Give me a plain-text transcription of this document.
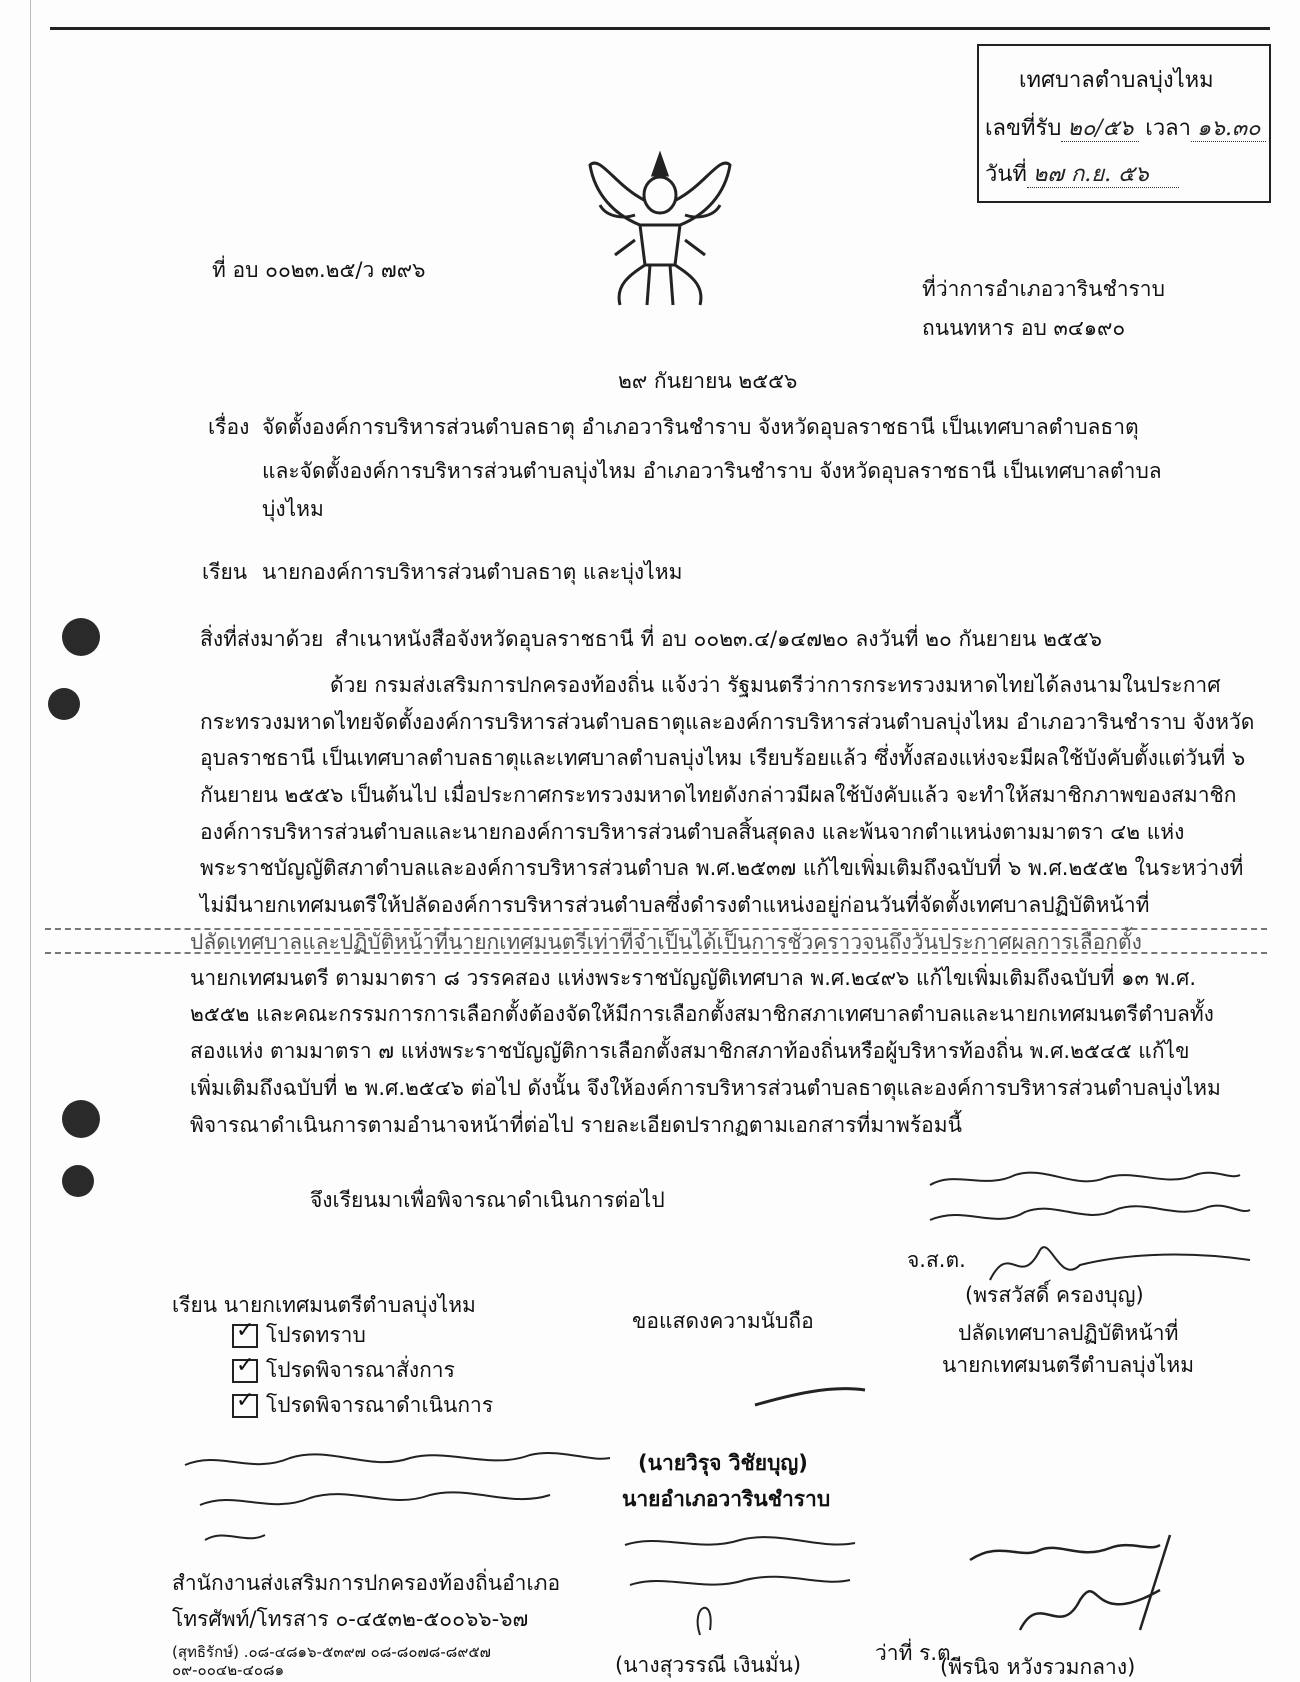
เทศบาลตำบลบุ่งไหม
เลขที่รับ ๒๐/๕๖ เวลา ๑๖.๓๐
วันที่ ๒๗ ก.ย. ๕๖
ที่ อบ ๐๐๒๓.๒๕/ว ๗๙๖
ที่ว่าการอำเภอวารินชำราบ
ถนนทหาร อบ ๓๔๑๙๐
๒๙ กันยายน ๒๕๕๖
เรื่อง จัดตั้งองค์การบริหารส่วนตำบลธาตุ อำเภอวารินชำราบ จังหวัดอุบลราชธานี เป็นเทศบาลตำบลธาตุ
และจัดตั้งองค์การบริหารส่วนตำบลบุ่งไหม อำเภอวารินชำราบ จังหวัดอุบลราชธานี เป็นเทศบาลตำบล
บุ่งไหม
เรียน นายกองค์การบริหารส่วนตำบลธาตุ และบุ่งไหม
สิ่งที่ส่งมาด้วย สำเนาหนังสือจังหวัดอุบลราชธานี ที่ อบ ๐๐๒๓.๔/๑๔๗๒๐ ลงวันที่ ๒๐ กันยายน ๒๕๕๖
ด้วย กรมส่งเสริมการปกครองท้องถิ่น แจ้งว่า รัฐมนตรีว่าการกระทรวงมหาดไทยได้ลงนามในประกาศ
กระทรวงมหาดไทยจัดตั้งองค์การบริหารส่วนตำบลธาตุและองค์การบริหารส่วนตำบลบุ่งไหม อำเภอวารินชำราบ จังหวัด
อุบลราชธานี เป็นเทศบาลตำบลธาตุและเทศบาลตำบลบุ่งไหม เรียบร้อยแล้ว ซึ่งทั้งสองแห่งจะมีผลใช้บังคับตั้งแต่วันที่ ๖
กันยายน ๒๕๕๖ เป็นต้นไป เมื่อประกาศกระทรวงมหาดไทยดังกล่าวมีผลใช้บังคับแล้ว จะทำให้สมาชิกภาพของสมาชิก
องค์การบริหารส่วนตำบลและนายกองค์การบริหารส่วนตำบลสิ้นสุดลง และพ้นจากตำแหน่งตามมาตรา ๔๒ แห่ง
พระราชบัญญัติสภาตำบลและองค์การบริหารส่วนตำบล พ.ศ.๒๕๓๗ แก้ไขเพิ่มเติมถึงฉบับที่ ๖ พ.ศ.๒๕๕๒ ในระหว่างที่
ไม่มีนายกเทศมนตรีให้ปลัดองค์การบริหารส่วนตำบลซึ่งดำรงตำแหน่งอยู่ก่อนวันที่จัดตั้งเทศบาลปฏิบัติหน้าที่
ปลัดเทศบาลและปฏิบัติหน้าที่นายกเทศมนตรีเท่าที่จำเป็นได้เป็นการชั่วคราวจนถึงวันประกาศผลการเลือกตั้ง
นายกเทศมนตรี ตามมาตรา ๘ วรรคสอง แห่งพระราชบัญญัติเทศบาล พ.ศ.๒๔๙๖ แก้ไขเพิ่มเติมถึงฉบับที่ ๑๓ พ.ศ.
๒๕๕๒ และคณะกรรมการการเลือกตั้งต้องจัดให้มีการเลือกตั้งสมาชิกสภาเทศบาลตำบลและนายกเทศมนตรีตำบลทั้ง
สองแห่ง ตามมาตรา ๗ แห่งพระราชบัญญัติการเลือกตั้งสมาชิกสภาท้องถิ่นหรือผู้บริหารท้องถิ่น พ.ศ.๒๕๔๕ แก้ไข
เพิ่มเติมถึงฉบับที่ ๒ พ.ศ.๒๕๔๖ ต่อไป ดังนั้น จึงให้องค์การบริหารส่วนตำบลธาตุและองค์การบริหารส่วนตำบลบุ่งไหม
พิจารณาดำเนินการตามอำนาจหน้าที่ต่อไป รายละเอียดปรากฏตามเอกสารที่มาพร้อมนี้
จึงเรียนมาเพื่อพิจารณาดำเนินการต่อไป
จ.ส.ต.
(พรสวัสดิ์ ครองบุญ)
ปลัดเทศบาลปฏิบัติหน้าที่
นายกเทศมนตรีตำบลบุ่งไหม
เรียน นายกเทศมนตรีตำบลบุ่งไหม
✓ โปรดทราบ
✓ โปรดพิจารณาสั่งการ
✓ โปรดพิจารณาดำเนินการ
ขอแสดงความนับถือ
(นายวิรุจ วิชัยบุญ)
นายอำเภอวารินชำราบ
สำนักงานส่งเสริมการปกครองท้องถิ่นอำเภอ
โทรศัพท์/โทรสาร ๐-๔๕๓๒-๕๐๐๖๖-๖๗
(สุทธิรักษ์) .๐๘-๔๘๑๖-๕๓๙๗ ๐๘-๘๐๗๘-๘๙๕๗
๐๙-๐๐๔๒-๔๐๘๑	(นางสุวรรณี เงินมั่น)	ว่าที่ ร.ต.
(พีรนิจ หวังรวมกลาง)
